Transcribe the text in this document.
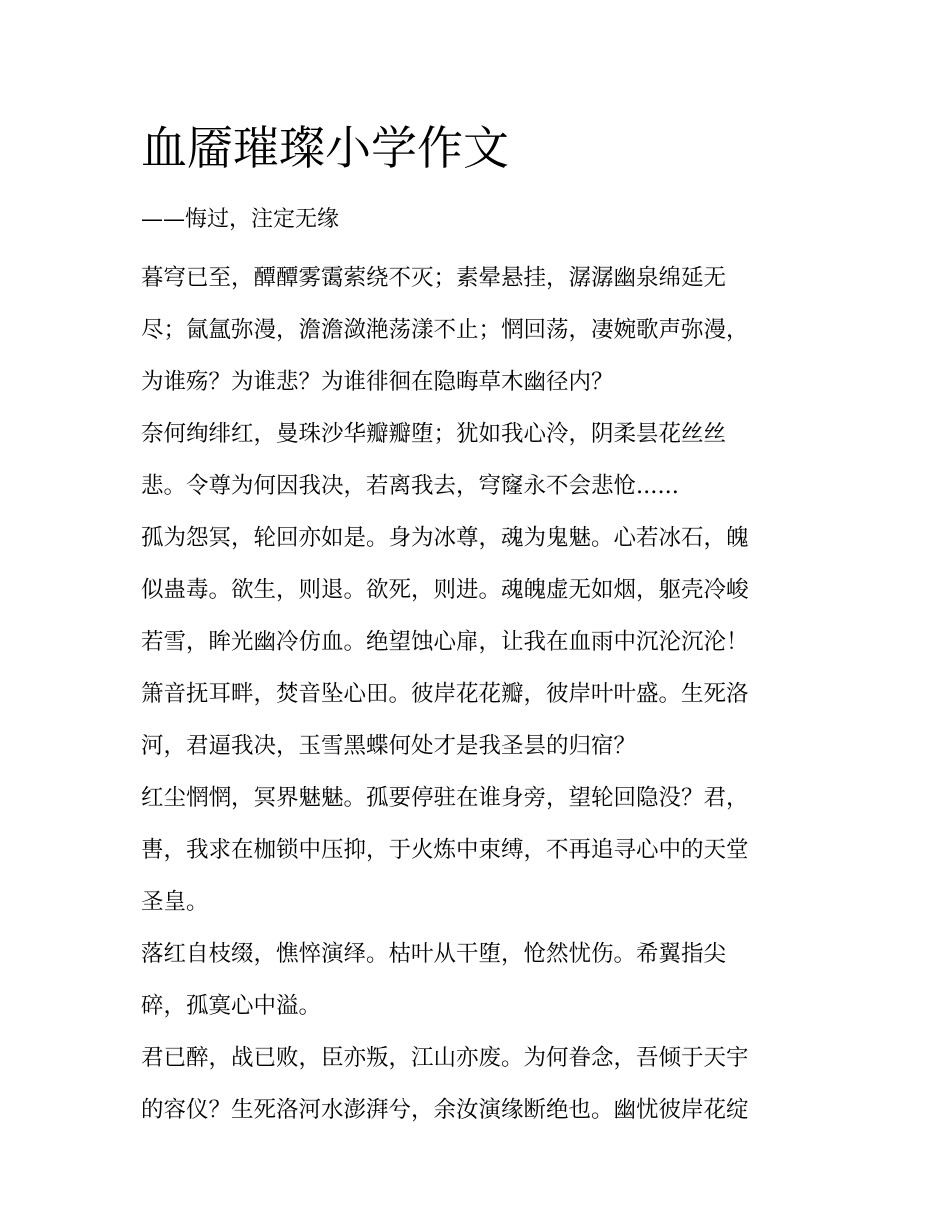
血靥璀璨小学作文
——悔过，注定无缘
暮穹已至，醰醰雾霭萦绕不灭；素晕悬挂，潺潺幽泉绵延无
尽；氤氲弥漫，澹澹潋滟荡漾不止；惘回荡，凄婉歌声弥漫，
为谁殇？为谁悲？为谁徘徊在隐晦草木幽径内？
奈何绚绯红，曼珠沙华瓣瓣堕；犹如我心泠，阴柔昙花丝丝
悲。令尊为何因我决，若离我去，穹窿永不会悲怆......
孤为怨冥，轮回亦如是。身为冰尊，魂为鬼魅。心若冰石，魄
似蛊毒。欲生，则退。欲死，则进。魂魄虚无如烟，躯壳冷峻
若雪，眸光幽冷仿血。绝望蚀心扉，让我在血雨中沉沦沉沦！
箫音抚耳畔，焚音坠心田。彼岸花花瓣，彼岸叶叶盛。生死洛
河，君逼我决，玉雪黑蝶何处才是我圣昙的归宿？
红尘惘惘，冥界魅魅。孤要停驻在谁身旁，望轮回隐没？君，
軎，我求在枷锁中压抑，于火炼中束缚，不再追寻心中的天堂
圣皇。
落红自枝缀，憔悴演绎。枯叶从干堕，怆然忧伤。希翼指尖
碎，孤寞心中溢。
君已醉，战已败，臣亦叛，江山亦废。为何眷念，吾倾于天宇
的容仪？生死洛河水澎湃兮，余汝演缘断绝也。幽忧彼岸花绽
